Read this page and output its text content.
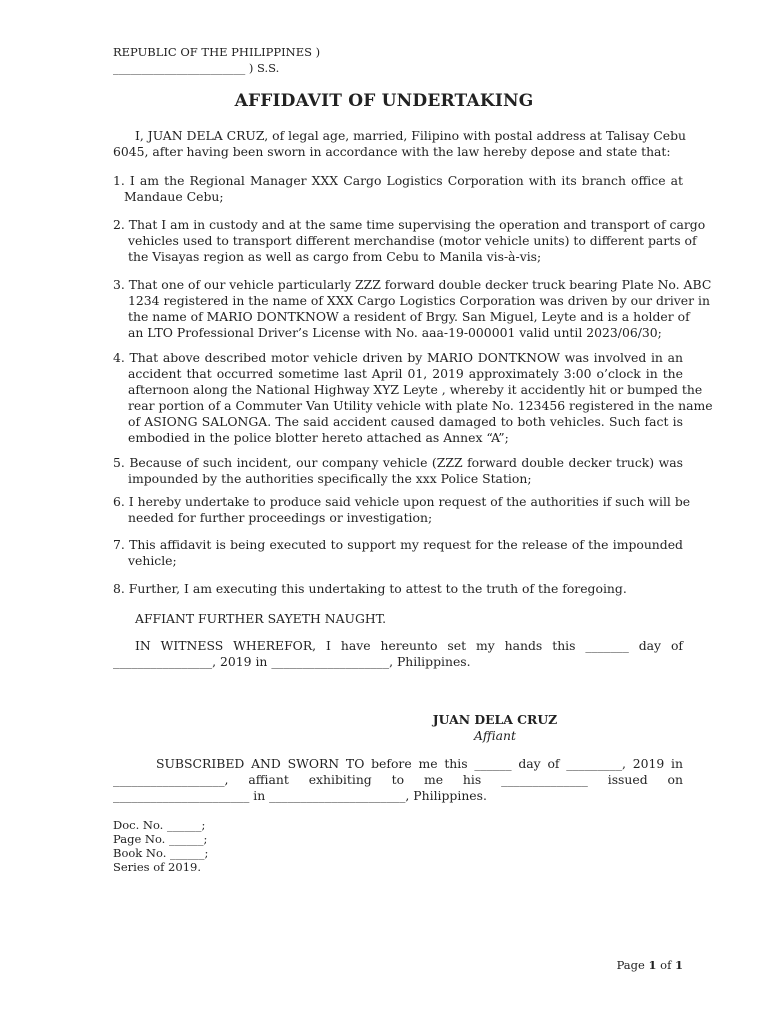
REPUBLIC OF THE PHILIPPINES )
_______________________ ) S.S.
AFFIDAVIT OF UNDERTAKING
I, JUAN DELA CRUZ, of legal age, married, Filipino with postal address at Talisay Cebu
6045, after having been sworn in accordance with the law hereby depose and state that:
1. I am the Regional Manager XXX Cargo Logistics Corporation with its branch office at
Mandaue Cebu;
2. That I am in custody and at the same time supervising the operation and transport of cargo
vehicles used to transport different merchandise (motor vehicle units) to different parts of
the Visayas region as well as cargo from Cebu to Manila vis-à-vis;
3. That one of our vehicle particularly ZZZ forward double decker truck bearing Plate No. ABC
1234 registered in the name of XXX Cargo Logistics Corporation was driven by our driver in
the name of MARIO DONTKNOW a resident of Brgy. San Miguel, Leyte and is a holder of
an LTO Professional Driver’s License with No. aaa-19-000001 valid until 2023/06/30;
4. That above described motor vehicle driven by MARIO DONTKNOW was involved in an
accident that occurred sometime last April 01, 2019 approximately 3:00 o’clock in the
afternoon along the National Highway XYZ Leyte , whereby it accidently hit or bumped the
rear portion of a Commuter Van Utility vehicle with plate No. 123456 registered in the name
of ASIONG SALONGA. The said accident caused damaged to both vehicles. Such fact is
embodied in the police blotter hereto attached as Annex “A”;
5. Because of such incident, our company vehicle (ZZZ forward double decker truck) was
impounded by the authorities specifically the xxx Police Station;
6. I hereby undertake to produce said vehicle upon request of the authorities if such will be
needed for further proceedings or investigation;
7. This affidavit is being executed to support my request for the release of the impounded
vehicle;
8. Further, I am executing this undertaking to attest to the truth of the foregoing.
AFFIANT FURTHER SAYETH NAUGHT.
IN WITNESS WHEREFOR, I have hereunto set my hands this _______ day of
________________, 2019 in ___________________, Philippines.
JUAN DELA CRUZ
Affiant
SUBSCRIBED AND SWORN TO before me this ______ day of _________, 2019 in
__________________, affiant exhibiting to me his ______________ issued on
______________________ in ______________________, Philippines.
Doc. No. ______;
Page No. ______;
Book No. ______;
Series of 2019.
Page 1 of 1
